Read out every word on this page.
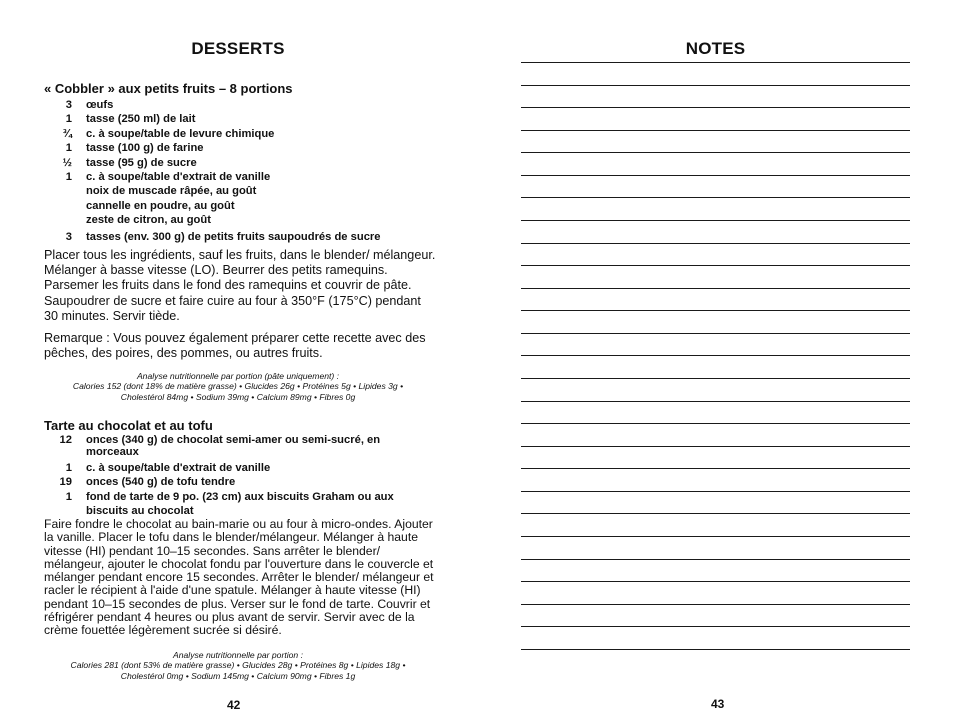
DESSERTS
« Cobbler » aux petits fruits – 8 portions
3	œufs
1	tasse (250 ml) de lait
¾	c. à soupe/table de levure chimique
1	tasse (100 g) de farine
½	tasse (95 g) de sucre
1	c. à soupe/table d'extrait de vanille
noix de muscade râpée, au goût
cannelle en poudre, au goût
zeste de citron, au goût
3	tasses (env. 300 g) de petits fruits saupoudrés de sucre

Placer tous les ingrédients, sauf les fruits, dans le blender/ mélangeur. Mélanger à basse vitesse (LO). Beurrer des petits ramequins. Parsemer les fruits dans le fond des ramequins et couvrir de pâte. Saupoudrer de sucre et faire cuire au four à 350°F (175°C) pendant 30 minutes. Servir tiède.

Remarque : Vous pouvez également préparer cette recette avec des pêches, des poires, des pommes, ou autres fruits.

Analyse nutritionnelle par portion (pâte uniquement) :

Calories 152 (dont 18% de matière grasse) • Glucides 26g • Protéines 5g • Lipides 3g •

Cholestérol 84mg • Sodium 39mg • Calcium 89mg • Fibres 0g

Tarte au chocolat et au tofu
12	onces (340 g) de chocolat semi-amer ou semi-sucré, en morceaux
1	c. à soupe/table d'extrait de vanille
19	onces (540 g) de tofu tendre
1	fond de tarte de 9 po. (23 cm) aux biscuits Graham ou aux biscuits au chocolat

Faire fondre le chocolat au bain-marie ou au four à micro-ondes. Ajouter la vanille. Placer le tofu dans le blender/mélangeur. Mélanger à haute vitesse (HI) pendant 10–15 secondes. Sans arrêter le blender/ mélangeur, ajouter le chocolat fondu par l'ouverture dans le couvercle et mélanger pendant encore 15 secondes. Arrêter le blender/ mélangeur et racler le récipient à l'aide d'une spatule. Mélanger à haute vitesse (HI) pendant 10–15 secondes de plus. Verser sur le fond de tarte. Couvrir et réfrigérer pendant 4 heures ou plus avant de servir. Servir avec de la crème fouettée légèrement sucrée si désiré.

Analyse nutritionnelle par portion :

Calories 281 (dont 53% de matière grasse) • Glucides 28g • Protéines 8g • Lipides 18g •

Cholestérol 0mg • Sodium 145mg • Calcium 90mg • Fibres 1g

42

NOTES

43
